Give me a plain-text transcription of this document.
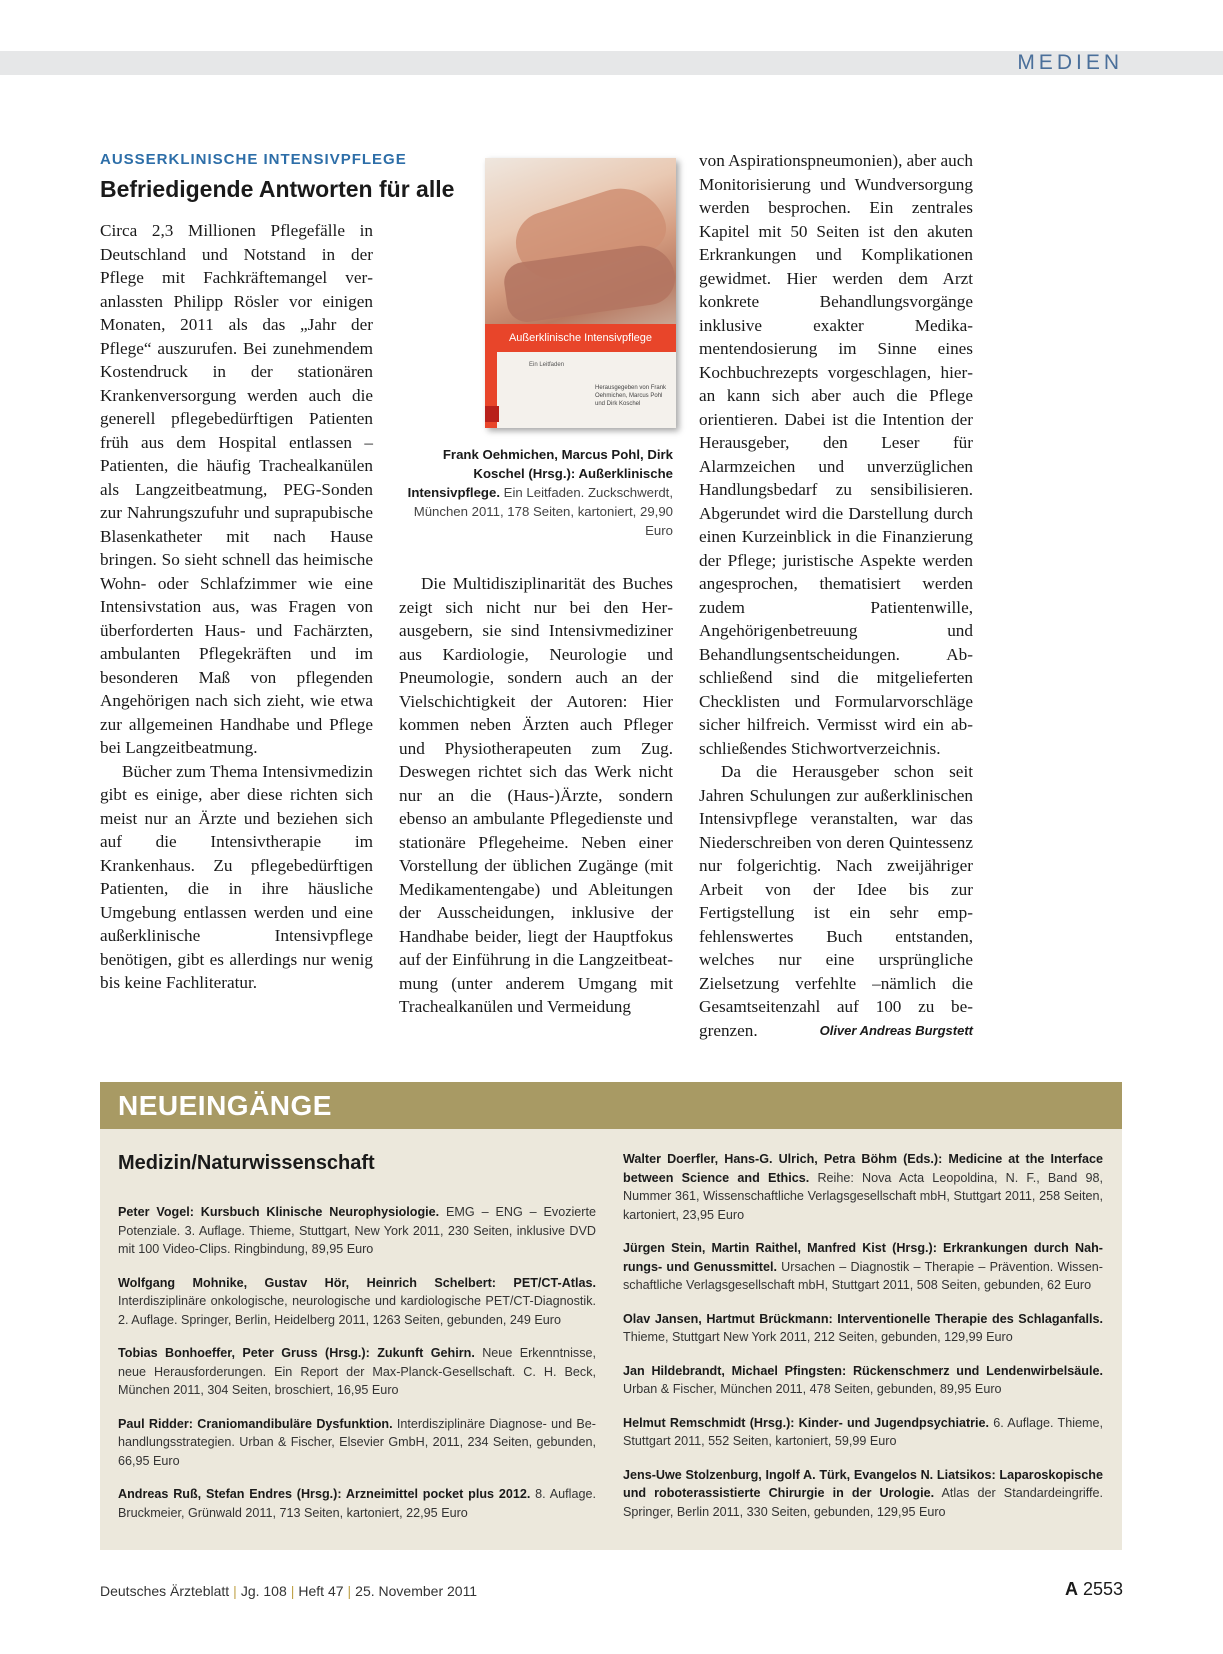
MEDIEN
AUSSERKLINISCHE INTENSIVPFLEGE
Befriedigende Antworten für alle

Circa 2,3 Millionen Pflegefälle in Deutschland und Notstand in der Pflege mit Fachkräftemangel veranlassten Philipp Rösler vor einigen Monaten, 2011 als das „Jahr der Pflege“ auszurufen. Bei zunehmendem Kostendruck in der stationären Krankenversorgung werden auch die generell pflegebedürftigen Patienten früh aus dem Hospital entlassen – Patienten, die häufig Trachealkanülen als Langzeitbeatmung, PEG-Sonden zur Nahrungszufuhr und suprapubische Blasenkatheter mit nach Hause bringen. So sieht schnell das heimische Wohn- oder Schlafzimmer wie eine Intensivstation aus, was Fragen von überforderten Haus- und Fachärzten, ambulanten Pflegekräften und im besonderen Maß von pflegenden Angehörigen nach sich zieht, wie etwa zur allgemeinen Handhabe und Pflege bei Langzeitbeatmung.

Bücher zum Thema Intensivmedizin gibt es einige, aber diese richten sich meist nur an Ärzte und beziehen sich auf die Intensivtherapie im Krankenhaus. Zu pflegebedürftigen Patienten, die in ihre häusliche Umgebung entlassen werden und eine außerklinische Intensivpflege benötigen, gibt es allerdings nur wenig bis keine Fachliteratur.

Außerklinische Intensivpflege
Ein Leitfaden
Herausgegeben von Frank Oehmichen, Marcus Pohl und Dirk Koschel
Frank Oehmichen, Marcus Pohl, Dirk Koschel (Hrsg.): Außerklinische Intensivpflege. Ein Leitfaden. Zuckschwerdt, München 2011, 178 Seiten, kartoniert, 29,90 Euro

Die Multidisziplinarität des Buches zeigt sich nicht nur bei den Herausgebern, sie sind Intensivmediziner aus Kardiologie, Neurologie und Pneumologie, sondern auch an der Vielschichtigkeit der Autoren: Hier kommen neben Ärzten auch Pfleger und Physiotherapeuten zum Zug. Deswegen richtet sich das Werk nicht nur an die (Haus-)Ärzte, sondern ebenso an ambulante Pflegedienste und stationäre Pflegeheime. Neben einer Vorstellung der üblichen Zugänge (mit Medikamentengabe) und Ableitungen der Ausscheidungen, inklusive der Handhabe beider, liegt der Hauptfokus auf der Einführung in die Langzeitbeatmung (unter anderem Umgang mit Trachealkanülen und Vermeidung

von Aspirationspneumonien), aber auch Monitorisierung und Wundversorgung werden besprochen. Ein zentrales Kapitel mit 50 Seiten ist den akuten Erkrankungen und Komplikationen gewidmet. Hier werden dem Arzt konkrete Behandlungsvorgänge inklusive exakter Medikamentendosierung im Sinne eines Kochbuchrezepts vorgeschlagen, hieran kann sich aber auch die Pflege orientieren. Dabei ist die Intention der Herausgeber, den Leser für Alarmzeichen und unverzüglichen Handlungsbedarf zu sensibilisieren. Abgerundet wird die Darstellung durch einen Kurzeinblick in die Finanzierung der Pflege; juristische Aspekte werden angesprochen, thematisiert werden zudem Patientenwille, Angehörigenbetreuung und Behandlungsentscheidungen. Abschließend sind die mitgelieferten Checklisten und Formularvorschläge sicher hilfreich. Vermisst wird ein abschließendes Stichwortverzeichnis.

Da die Herausgeber schon seit Jahren Schulungen zur außerklinischen Intensivpflege veranstalten, war das Niederschreiben von deren Quintessenz nur folgerichtig. Nach zweijähriger Arbeit von der Idee bis zur Fertigstellung ist ein sehr empfehlenswertes Buch entstanden, welches nur eine ursprüngliche Zielsetzung verfehlte –nämlich die Gesamtseitenzahl auf 100 zu begrenzen.	Oliver Andreas Burgstett

NEUEINGÄNGE
Medizin/Naturwissenschaft
Peter Vogel: Kursbuch Klinische Neurophysiologie. EMG – ENG – Evozierte Potenziale. 3. Auflage. Thieme, Stuttgart, New York 2011, 230 Seiten, inklusive DVD mit 100 Video-Clips. Ringbindung, 89,95 Euro
Wolfgang Mohnike, Gustav Hör, Heinrich Schelbert: PET/CT-Atlas. Interdisziplinäre onkologische, neurologische und kardiologische PET/CT-Diagnostik. 2. Auflage. Springer, Berlin, Heidelberg 2011, 1263 Seiten, gebunden, 249 Euro
Tobias Bonhoeffer, Peter Gruss (Hrsg.): Zukunft Gehirn. Neue Erkenntnisse, neue Herausforderungen. Ein Report der Max-Planck-Gesellschaft. C. H. Beck, München 2011, 304 Seiten, broschiert, 16,95 Euro
Paul Ridder: Craniomandibuläre Dysfunktion. Interdisziplinäre Diagnose- und Behandlungsstrategien. Urban & Fischer, Elsevier GmbH, 2011, 234 Seiten, gebunden, 66,95 Euro
Andreas Ruß, Stefan Endres (Hrsg.): Arzneimittel pocket plus 2012. 8. Auflage. Bruckmeier, Grünwald 2011, 713 Seiten, kartoniert, 22,95 Euro
Walter Doerfler, Hans-G. Ulrich, Petra Böhm (Eds.): Medicine at the Interface between Science and Ethics. Reihe: Nova Acta Leopoldina, N. F., Band 98, Nummer 361, Wissenschaftliche Verlagsgesellschaft mbH, Stuttgart 2011, 258 Seiten, kartoniert, 23,95 Euro
Jürgen Stein, Martin Raithel, Manfred Kist (Hrsg.): Erkrankungen durch Nahrungs- und Genussmittel. Ursachen – Diagnostik – Therapie – Prävention. Wissenschaftliche Verlagsgesellschaft mbH, Stuttgart 2011, 508 Seiten, gebunden, 62 Euro
Olav Jansen, Hartmut Brückmann: Interventionelle Therapie des Schlaganfalls. Thieme, Stuttgart New York 2011, 212 Seiten, gebunden, 129,99 Euro
Jan Hildebrandt, Michael Pfingsten: Rückenschmerz und Lendenwirbelsäule. Urban & Fischer, München 2011, 478 Seiten, gebunden, 89,95 Euro
Helmut Remschmidt (Hrsg.): Kinder- und Jugendpsychiatrie. 6. Auflage. Thieme, Stuttgart 2011, 552 Seiten, kartoniert, 59,99 Euro
Jens-Uwe Stolzenburg, Ingolf A. Türk, Evangelos N. Liatsikos: Laparoskopische und roboterassistierte Chirurgie in der Urologie. Atlas der Standardeingriffe. Springer, Berlin 2011, 330 Seiten, gebunden, 129,95 Euro
Deutsches Ärzteblatt | Jg. 108 | Heft 47 | 25. November 2011	A 2553
